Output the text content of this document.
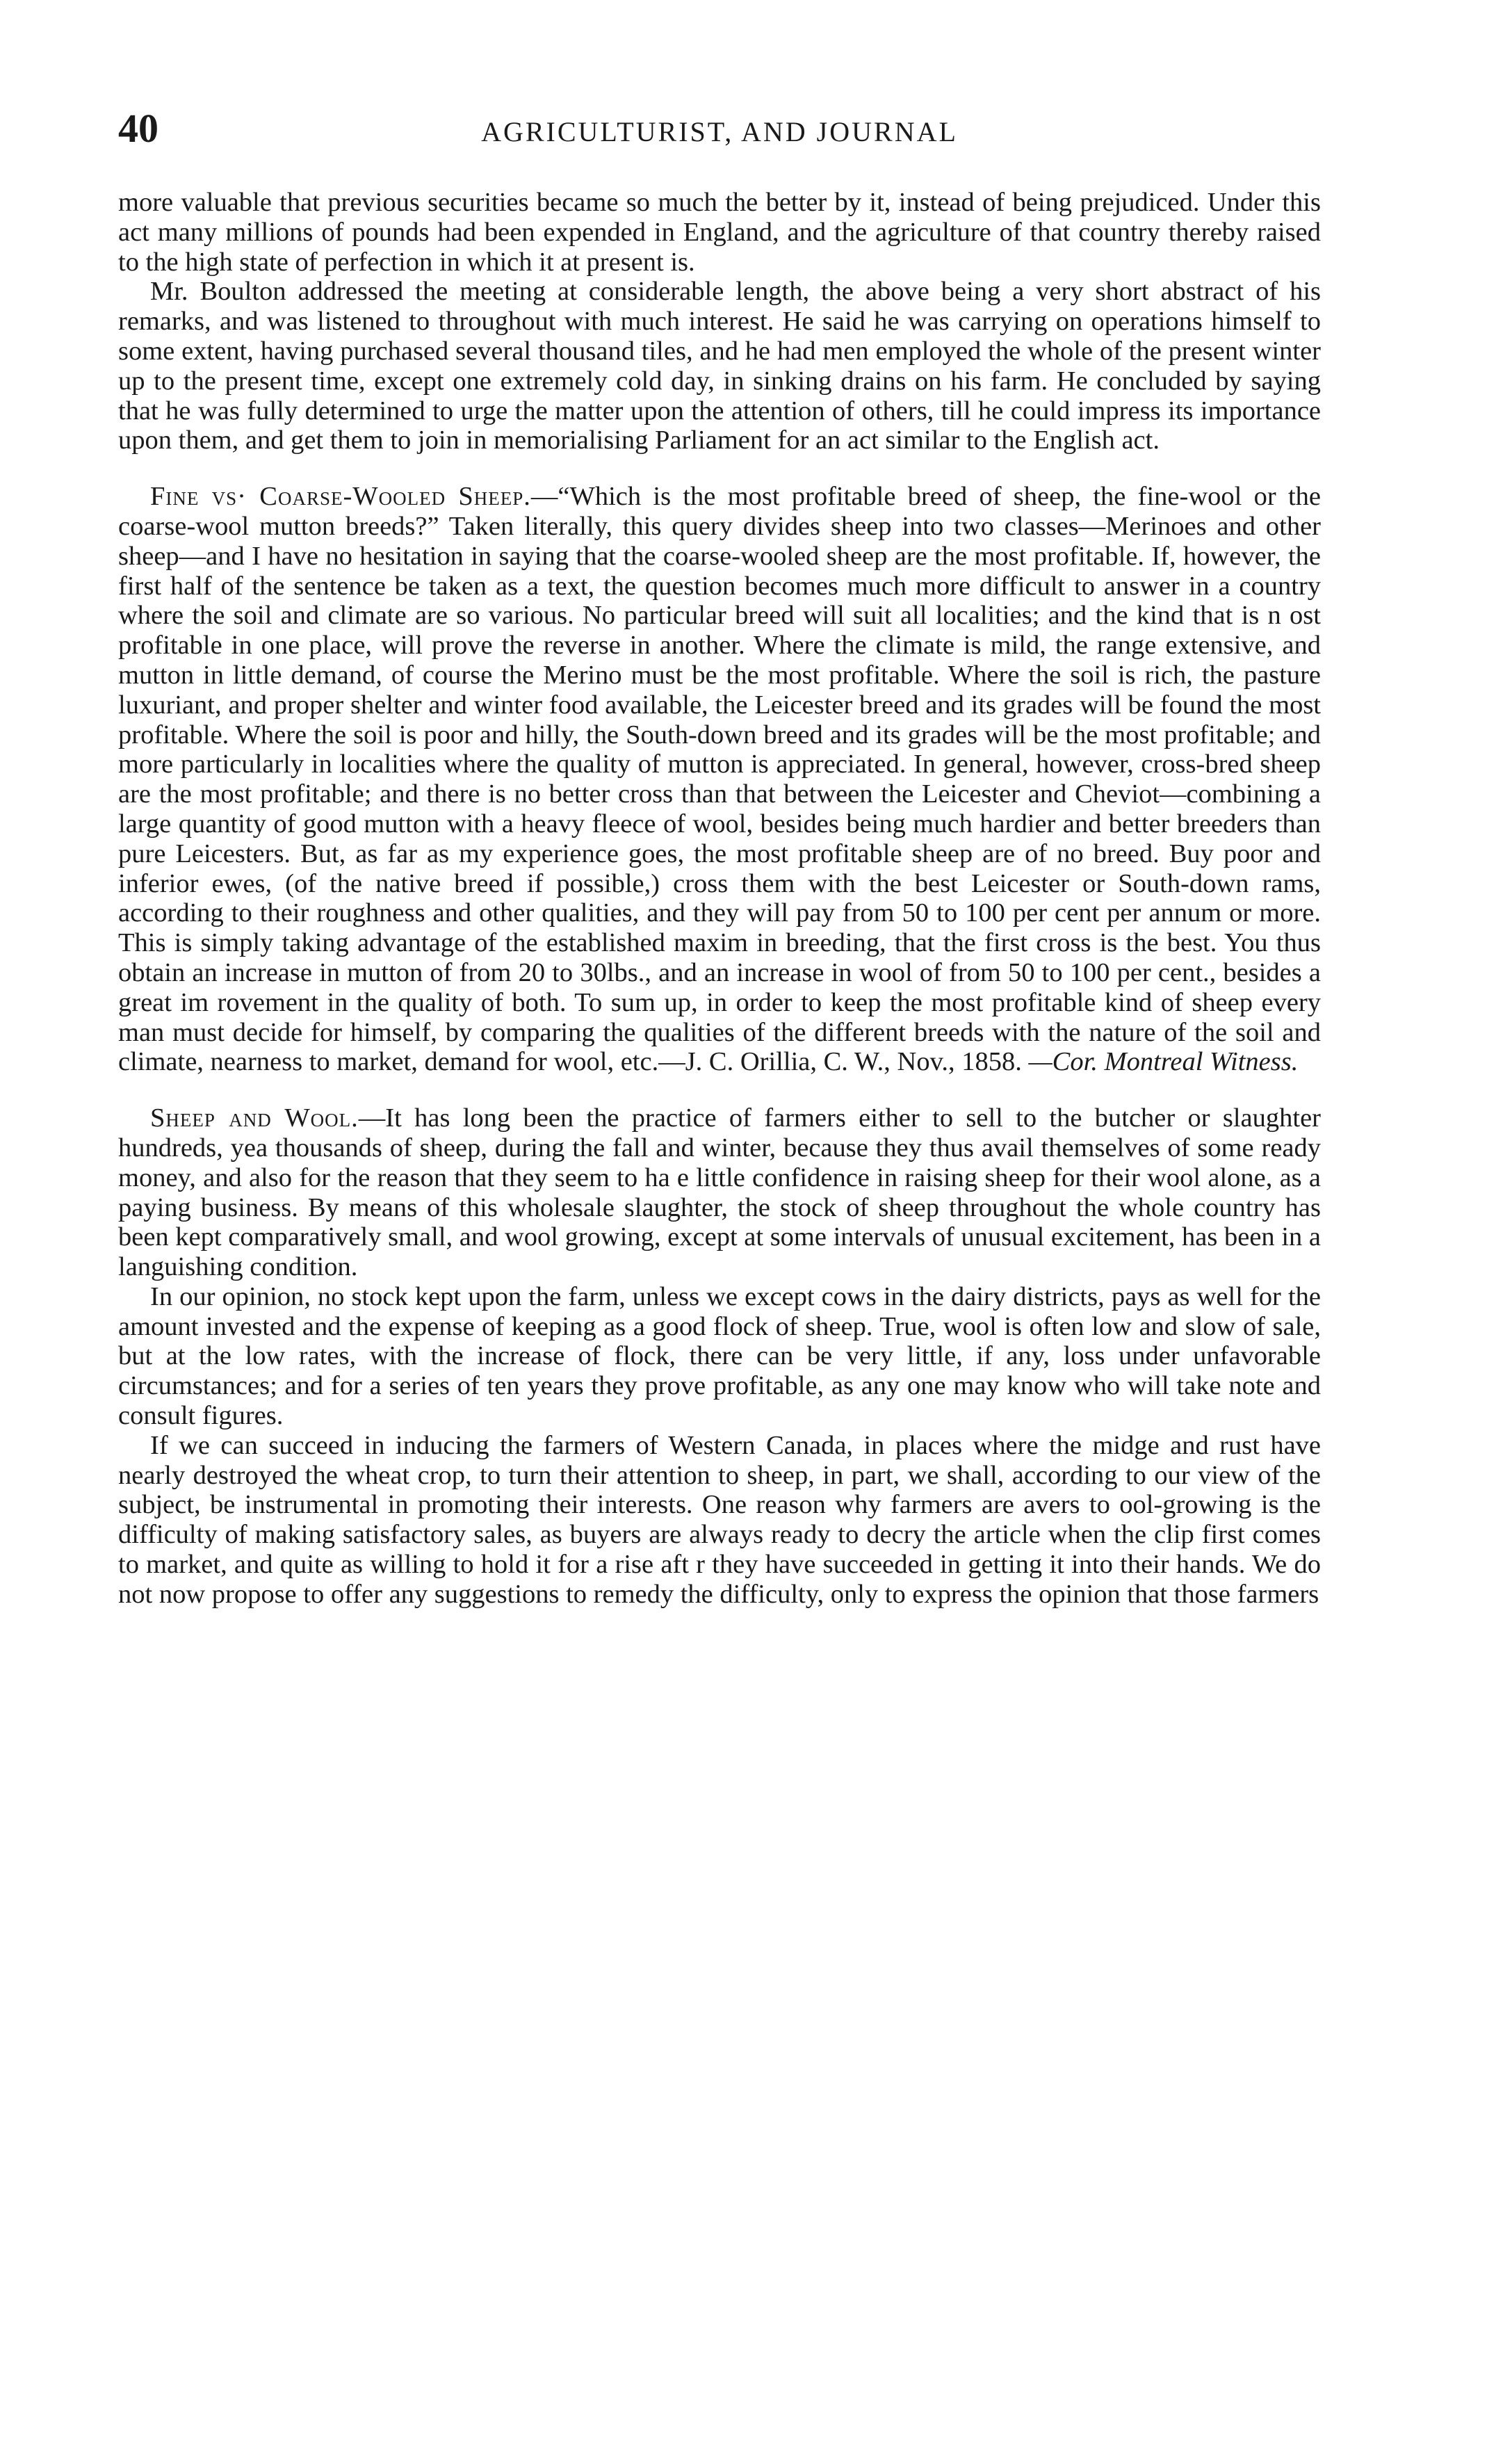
40	AGRICULTURIST, AND JOURNAL

more valuable that previous securities became so much the better by it, instead of being prejudiced. Under this act many millions of pounds had been expended in England, and the agriculture of that country thereby raised to the high state of perfection in which it at present is.

Mr. Boulton addressed the meeting at considerable length, the above being a very short abstract of his remarks, and was listened to throughout with much interest. He said he was carrying on operations himself to some extent, having purchased several thousand tiles, and he had men employed the whole of the present winter up to the present time, except one extremely cold day, in sinking drains on his farm. He concluded by saying that he was fully determined to urge the matter upon the attention of others, till he could impress its importance upon them, and get them to join in memorialising Parliament for an act similar to the English act.

Fine vs· Coarse-Wooled Sheep.—“Which is the most profitable breed of sheep, the fine-wool or the coarse-wool mutton breeds?” Taken literally, this query divides sheep into two classes—Merinoes and other sheep—and I have no hesitation in saying that the coarse-wooled sheep are the most profitable. If, however, the first half of the sentence be taken as a text, the question becomes much more difficult to answer in a country where the soil and climate are so various. No particular breed will suit all localities; and the kind that is n ost profitable in one place, will prove the reverse in another. Where the climate is mild, the range extensive, and mutton in little demand, of course the Merino must be the most profitable. Where the soil is rich, the pasture luxuriant, and proper shelter and winter food available, the Leicester breed and its grades will be found the most profitable. Where the soil is poor and hilly, the South-down breed and its grades will be the most profitable; and more particularly in localities where the quality of mutton is appreciated. In general, however, cross-bred sheep are the most profitable; and there is no better cross than that between the Leicester and Cheviot—combining a large quantity of good mutton with a heavy fleece of wool, besides being much hardier and better breeders than pure Leicesters. But, as far as my experience goes, the most profitable sheep are of no breed. Buy poor and inferior ewes, (of the native breed if possible,) cross them with the best Leicester or South-down rams, according to their roughness and other qualities, and they will pay from 50 to 100 per cent per annum or more. This is simply taking advantage of the established maxim in breeding, that the first cross is the best. You thus obtain an increase in mutton of from 20 to 30lbs., and an increase in wool of from 50 to 100 per cent., besides a great im rovement in the quality of both. To sum up, in order to keep the most profitable kind of sheep every man must decide for himself, by comparing the qualities of the different breeds with the nature of the soil and climate, nearness to market, demand for wool, etc.—J. C. Orillia, C. W., Nov., 1858. —Cor. Montreal Witness.

Sheep and Wool.—It has long been the practice of farmers either to sell to the butcher or slaughter hundreds, yea thousands of sheep, during the fall and winter, because they thus avail themselves of some ready money, and also for the reason that they seem to ha e little confidence in raising sheep for their wool alone, as a paying business. By means of this wholesale slaughter, the stock of sheep throughout the whole country has been kept comparatively small, and wool growing, except at some intervals of unusual excitement, has been in a languishing condition.

In our opinion, no stock kept upon the farm, unless we except cows in the dairy districts, pays as well for the amount invested and the expense of keeping as a good flock of sheep. True, wool is often low and slow of sale, but at the low rates, with the increase of flock, there can be very little, if any, loss under unfavorable circumstances; and for a series of ten years they prove profitable, as any one may know who will take note and consult figures.

If we can succeed in inducing the farmers of Western Canada, in places where the midge and rust have nearly destroyed the wheat crop, to turn their attention to sheep, in part, we shall, according to our view of the subject, be instrumental in promoting their interests. One reason why farmers are avers to ool-growing is the difficulty of making satisfactory sales, as buyers are always ready to decry the article when the clip first comes to market, and quite as willing to hold it for a rise aft r they have succeeded in getting it into their hands. We do not now propose to offer any suggestions to remedy the difficulty, only to express the opinion that those farmers
